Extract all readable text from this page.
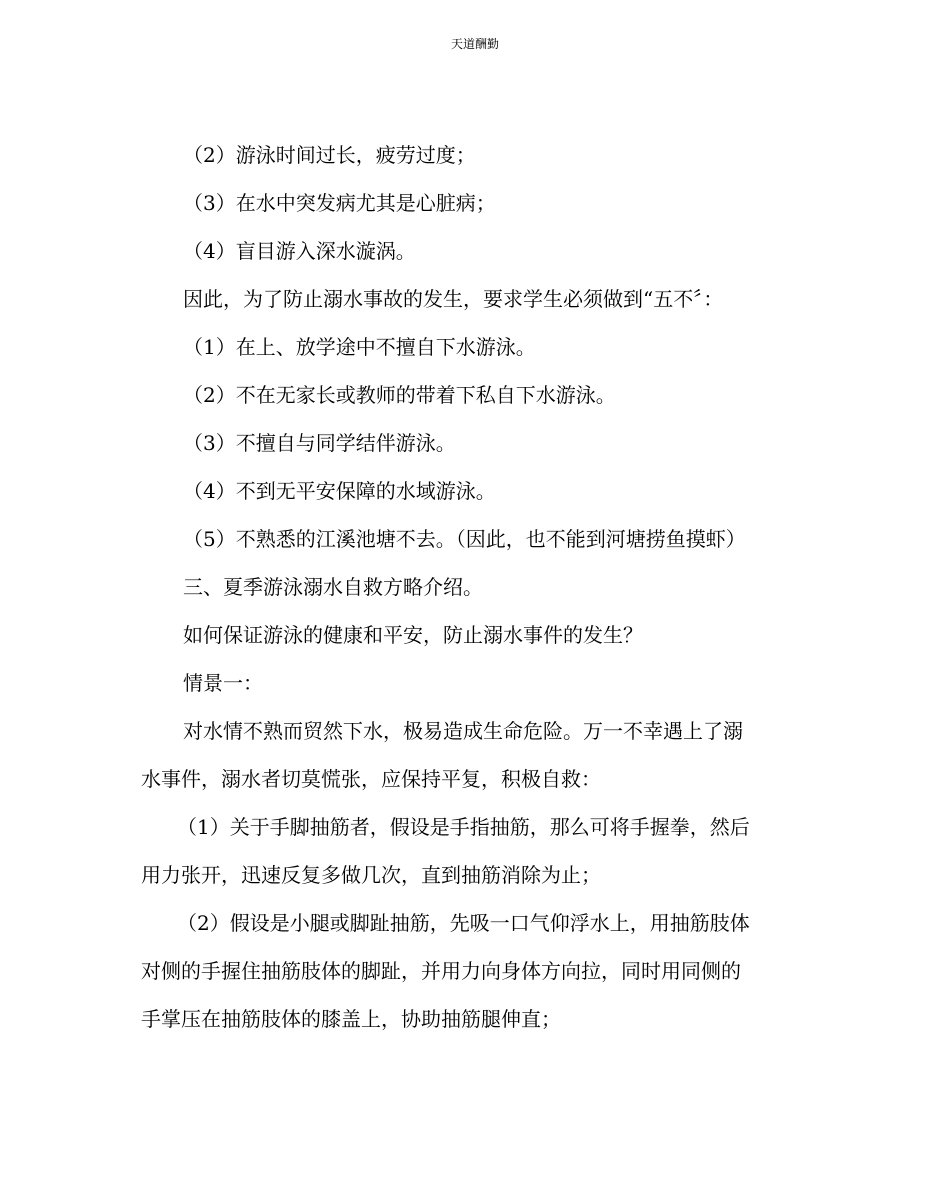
天道酬勤
（2）游泳时间过长，疲劳过度；
（3）在水中突发病尤其是心脏病；
（4）盲目游入深水漩涡。
因此，为了防止溺水事故的发生，要求学生必须做到“五不〞：
（1）在上、放学途中不擅自下水游泳。
（2）不在无家长或教师的带着下私自下水游泳。
（3）不擅自与同学结伴游泳。
（4）不到无平安保障的水域游泳。
（5）不熟悉的江溪池塘不去。（因此，也不能到河塘捞鱼摸虾）
三、夏季游泳溺水自救方略介绍。
如何保证游泳的健康和平安，防止溺水事件的发生？
情景一：
对水情不熟而贸然下水，极易造成生命危险。万一不幸遇上了溺
水事件，溺水者切莫慌张，应保持平复，积极自救：
（1）关于手脚抽筋者，假设是手指抽筋，那么可将手握拳，然后
用力张开，迅速反复多做几次，直到抽筋消除为止；
（2）假设是小腿或脚趾抽筋，先吸一口气仰浮水上，用抽筋肢体
对侧的手握住抽筋肢体的脚趾，并用力向身体方向拉，同时用同侧的
手掌压在抽筋肢体的膝盖上，协助抽筋腿伸直；
